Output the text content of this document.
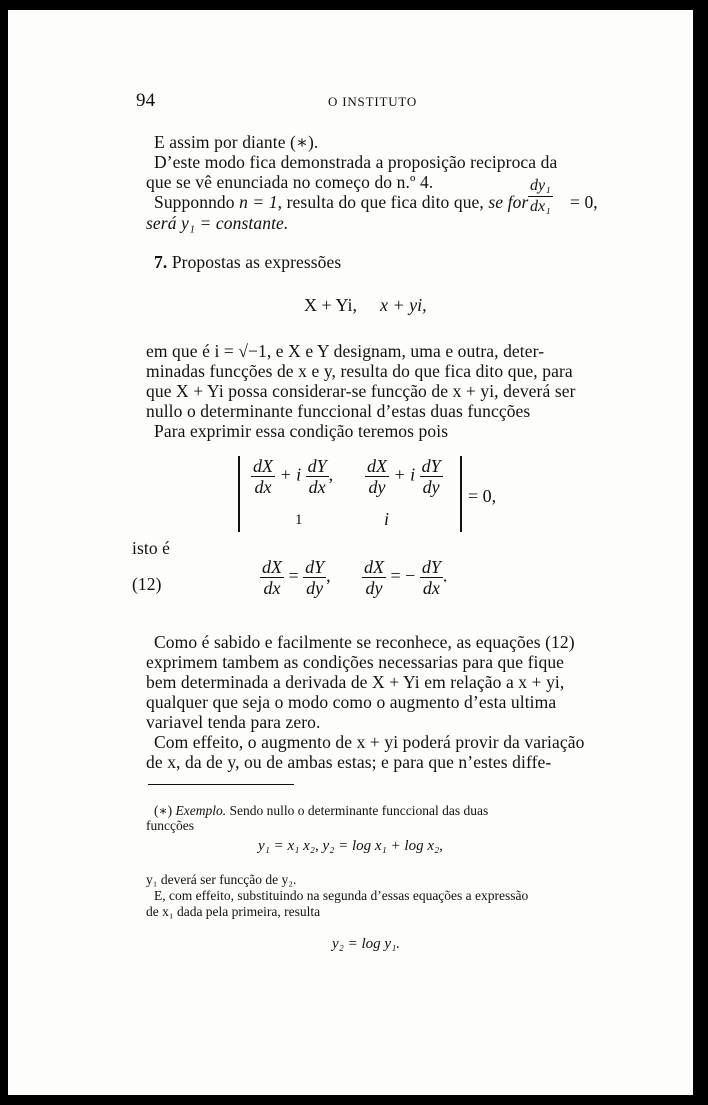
94	O INSTITUTO
E assim por diante (∗).
D’este modo fica demonstrada a proposição reciproca da
que se vê enunciada no começo do n.º 4.
Supponndo n = 1, resulta do que fica dito que, se for $\frac{\text{dy₁}}{\text{dx₁}} = 0$,
será y₁ = constante.
7. Propostas as expressões
X + Yi, x + yi,
em que é i = √−1, e X e Y designam, uma e outra, deter-
minadas funcções de x e y, resulta do que fica dito que, para
que X + Yi possa considerar-se funcção de x + yi, deverá ser
nullo o determinante funccional d’estas duas funcções
Para exprimir essa condição teremos pois
$\frac{dX}{dx} + i \frac{dY}{dx}$ , $\frac{dX}{dy} + i \frac{dY}{dy}$
1	i
= 0,
isto é
(12)	$\frac{dX}{dx} = \frac{dY}{dy}$ , $\frac{dX}{dy}$ = − $\frac{dY}{dx}$ .
Como é sabido e facilmente se reconhece, as equações (12)
exprimem tambem as condições necessarias para que fique
bem determinada a derivada de X + Yi em relação a x + yi,
qualquer que seja o modo como o augmento d’esta ultima
variavel tenda para zero.
Com effeito, o augmento de x + yi poderá provir da variação
de x, da de y, ou de ambas estas; e para que n’estes diffe-
(∗) Exemplo. Sendo nullo o determinante funccional das duas
funcções
y₁ = x₁ x₂, y₂ = log x₁ + log x₂,
y₁ deverá ser funcção de y₂.
E, com effeito, substituindo na segunda d’essas equações a expressão
de x₁ dada pela primeira, resulta
y₂ = log y₁.
